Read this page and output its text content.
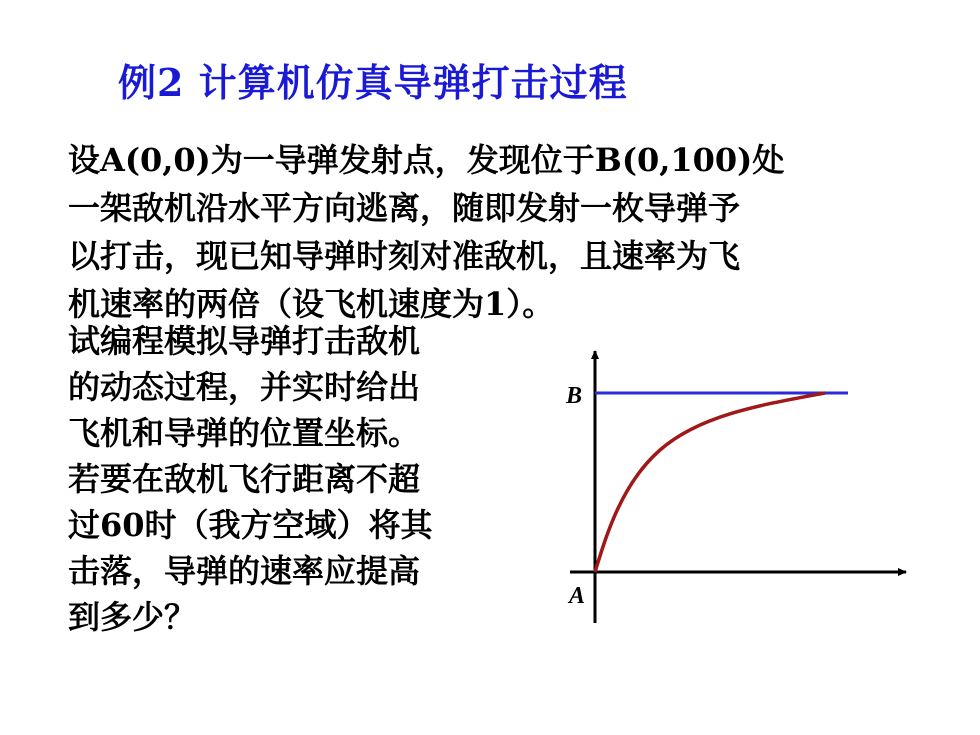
例2 计算机仿真导弹打击过程
设A(0,0)为一导弹发射点，发现位于B(0,100)处
一架敌机沿水平方向逃离，随即发射一枚导弹予
以打击，现已知导弹时刻对准敌机，且速率为飞
机速率的两倍（设飞机速度为1）。
试编程模拟导弹打击敌机
的动态过程，并实时给出
飞机和导弹的位置坐标。
若要在敌机飞行距离不超
过60时（我方空域）将其
击落，导弹的速率应提高
到多少？
B
A
